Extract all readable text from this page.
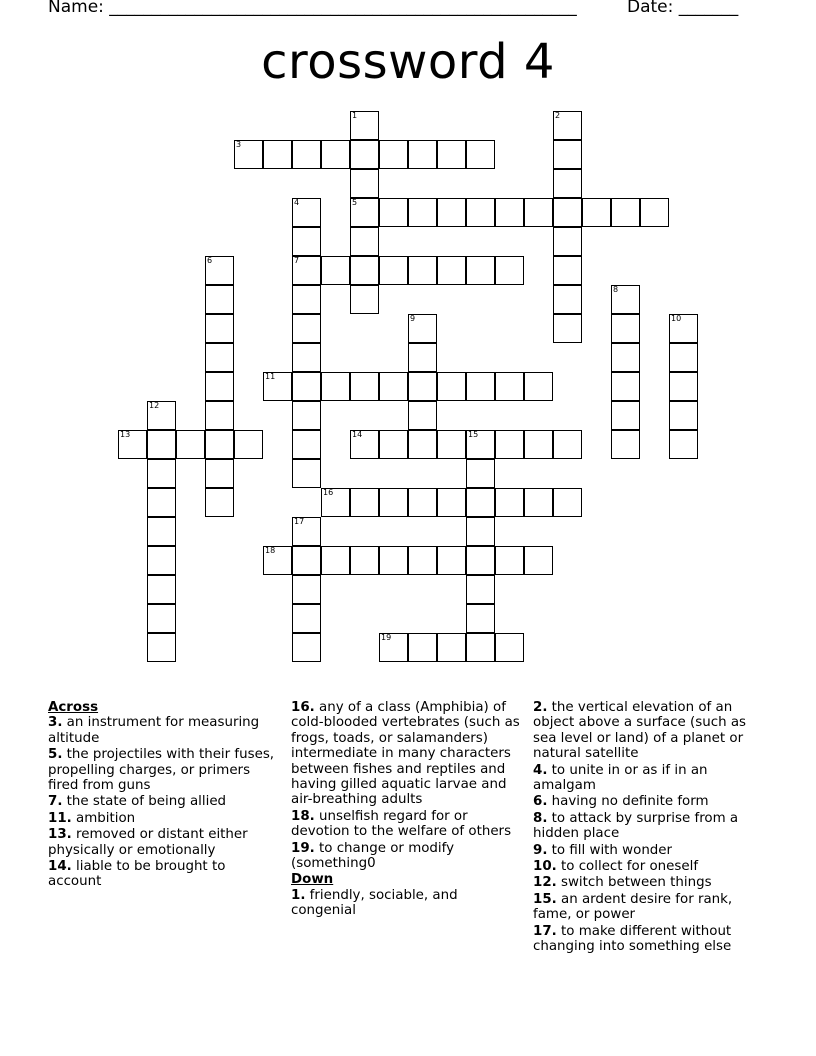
Name: _______________________________________________________	Date: _______
crossword 4
1	2
3
4	5
6	7
8
9	10
11
12
13	14	15
16
17
18
19
Across
3. an instrument for measuring altitude
5. the projectiles with their fuses, propelling charges, or primers fired from guns
7. the state of being allied
11. ambition
13. removed or distant either physically or emotionally
14. liable to be brought to account
16. any of a class (Amphibia) of cold-blooded vertebrates (such as frogs, toads, or salamanders) intermediate in many characters between fishes and reptiles and having gilled aquatic larvae and air-breathing adults
18. unselfish regard for or devotion to the welfare of others
19. to change or modify (something0
Down
1. friendly, sociable, and congenial
2. the vertical elevation of an object above a surface (such as sea level or land) of a planet or natural satellite
4. to unite in or as if in an amalgam
6. having no definite form
8. to attack by surprise from a hidden place
9. to fill with wonder
10. to collect for oneself
12. switch between things
15. an ardent desire for rank, fame, or power
17. to make different without changing into something else
